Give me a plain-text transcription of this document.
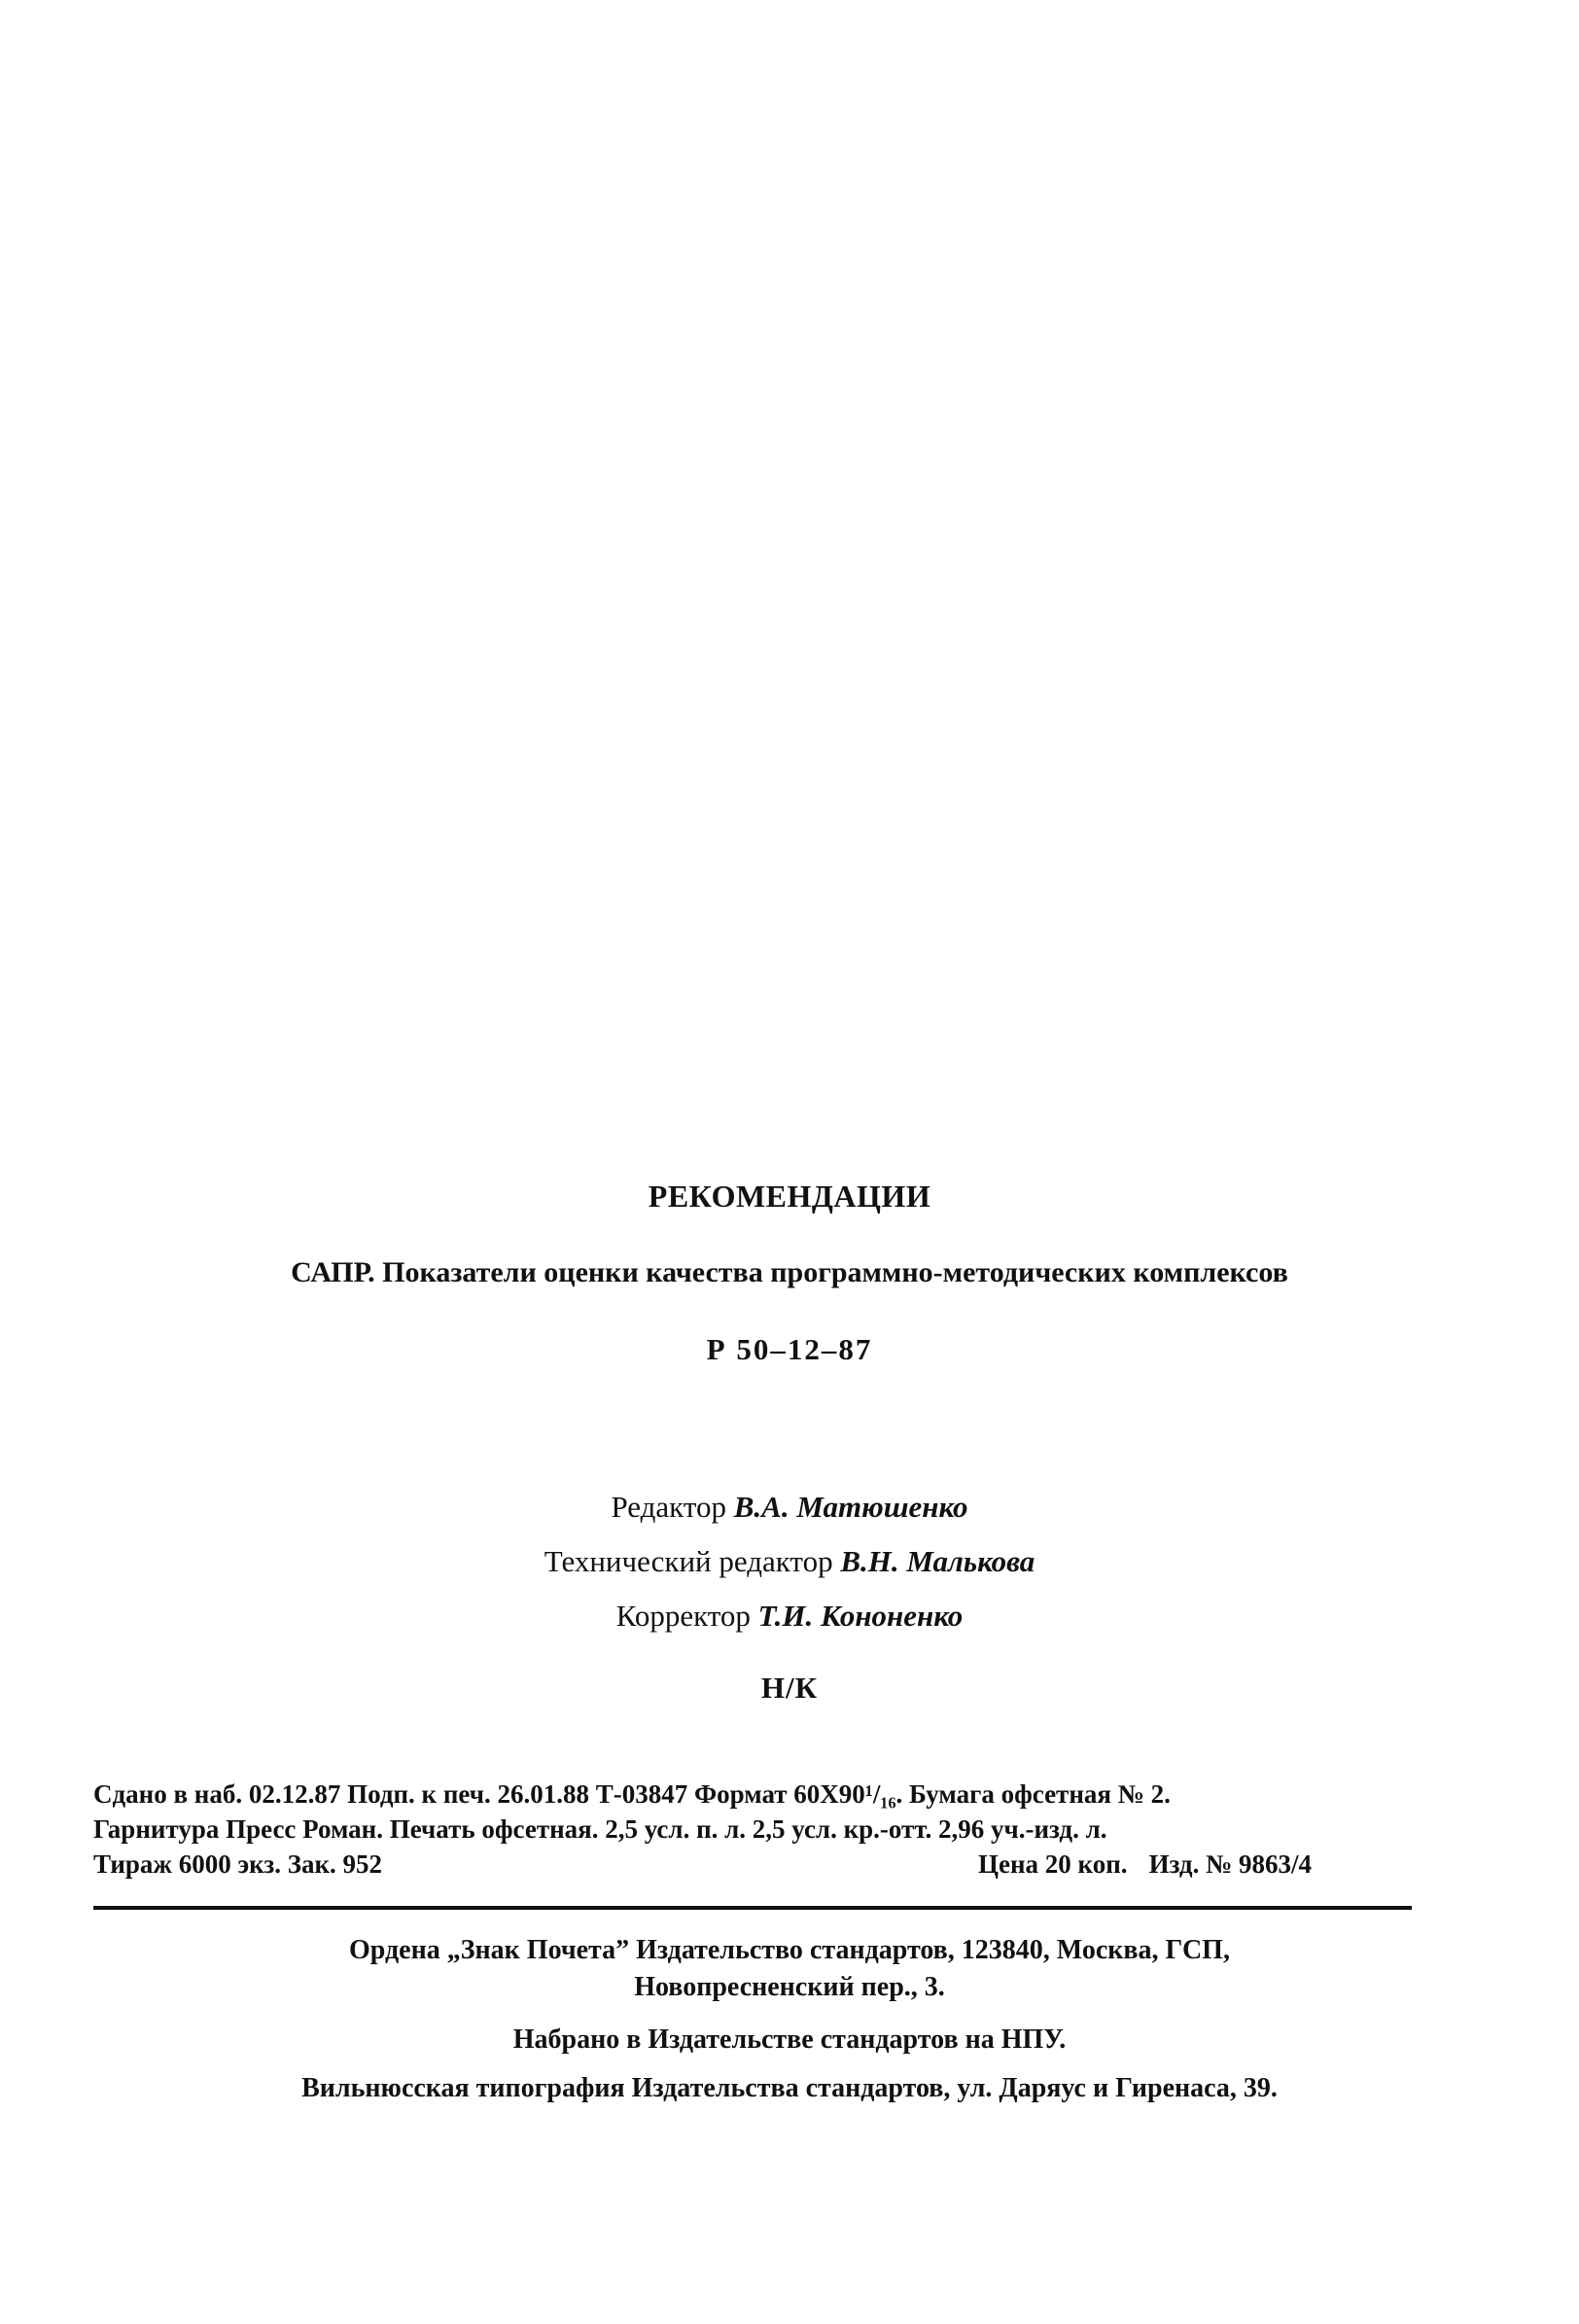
РЕКОМЕНДАЦИИ
САПР. Показатели оценки качества программно-методических комплексов
Р 50–12–87
Редактор В.А. Матюшенко
Технический редактор В.Н. Малькова
Корректор Т.И. Кононенко
Н/К
Сдано в наб. 02.12.87 Подп. к печ. 26.01.88 Т-03847 Формат 60Х90¹/₁₆. Бумага офсетная № 2.
Гарнитура Пресс Роман. Печать офсетная. 2,5 усл. п. л. 2,5 усл. кр.-отт. 2,96 уч.-изд. л.
Тираж 6000 экз. Зак. 952	Цена 20 коп. Изд. № 9863/4
Ордена „Знак Почета” Издательство стандартов, 123840, Москва, ГСП,
Новопресненский пер., 3.
Набрано в Издательстве стандартов на НПУ.
Вильнюсская типография Издательства стандартов, ул. Даряус и Гиренаса, 39.
